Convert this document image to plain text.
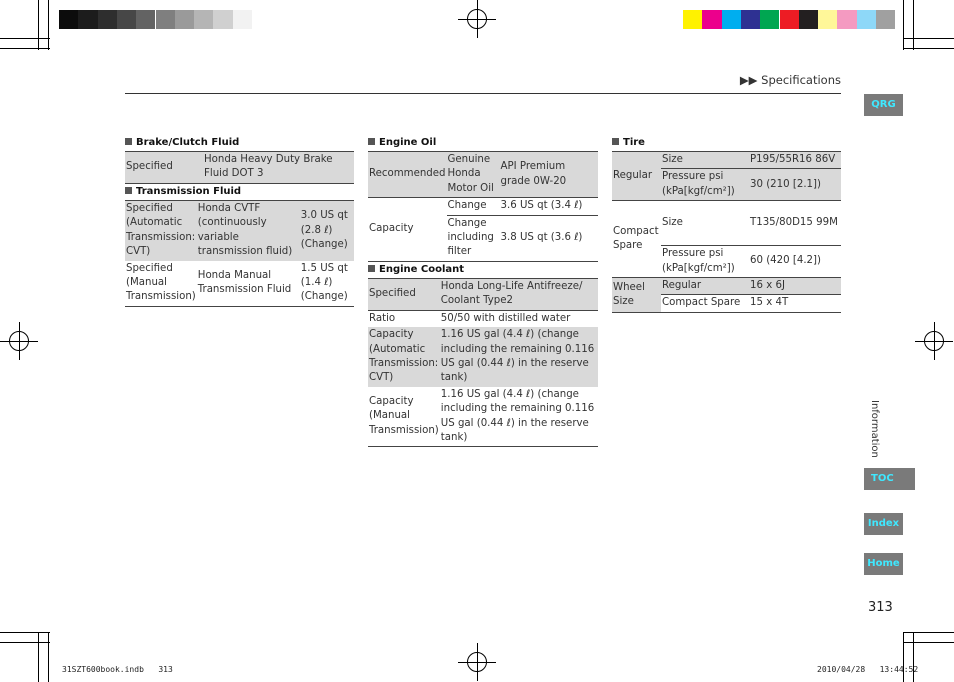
▶▶ Specifications
Brake/Clutch Fluid
Specified	Honda Heavy Duty Brake Fluid DOT 3
Transmission Fluid
Specified (Automatic Transmission: CVT)	Honda CVTF (continuously variable transmission fluid)	3.0 US qt (2.8 ℓ) (Change)
Specified (Manual Transmission)	Honda Manual Transmission Fluid	1.5 US qt (1.4 ℓ) (Change)
Engine Oil
Recommended	Genuine Honda Motor Oil	API Premium grade 0W-20
Capacity	Change	3.6 US qt (3.4 ℓ)
	Change including filter	3.8 US qt (3.6 ℓ)
Engine Coolant
Specified	Honda Long-Life Antifreeze/ Coolant Type2
Ratio	50/50 with distilled water
Capacity (Automatic Transmission: CVT)	1.16 US gal (4.4 ℓ) (change including the remaining 0.116 US gal (0.44 ℓ) in the reserve tank)
Capacity (Manual Transmission)	1.16 US gal (4.4 ℓ) (change including the remaining 0.116 US gal (0.44 ℓ) in the reserve tank)
Tire
Regular	Size	P195/55R16 86V
	Pressure psi (kPa[kgf/cm²])	30 (210 [2.1])
Compact Spare	Size	T135/80D15 99M
	Pressure psi (kPa[kgf/cm²])	60 (420 [4.2])
Wheel Size	Regular	16 x 6J
	Compact Spare	15 x 4T
QRG
Information
TOC
Index
Home
313
31SZT600book.indb   313	2010/04/28   13:44:52
